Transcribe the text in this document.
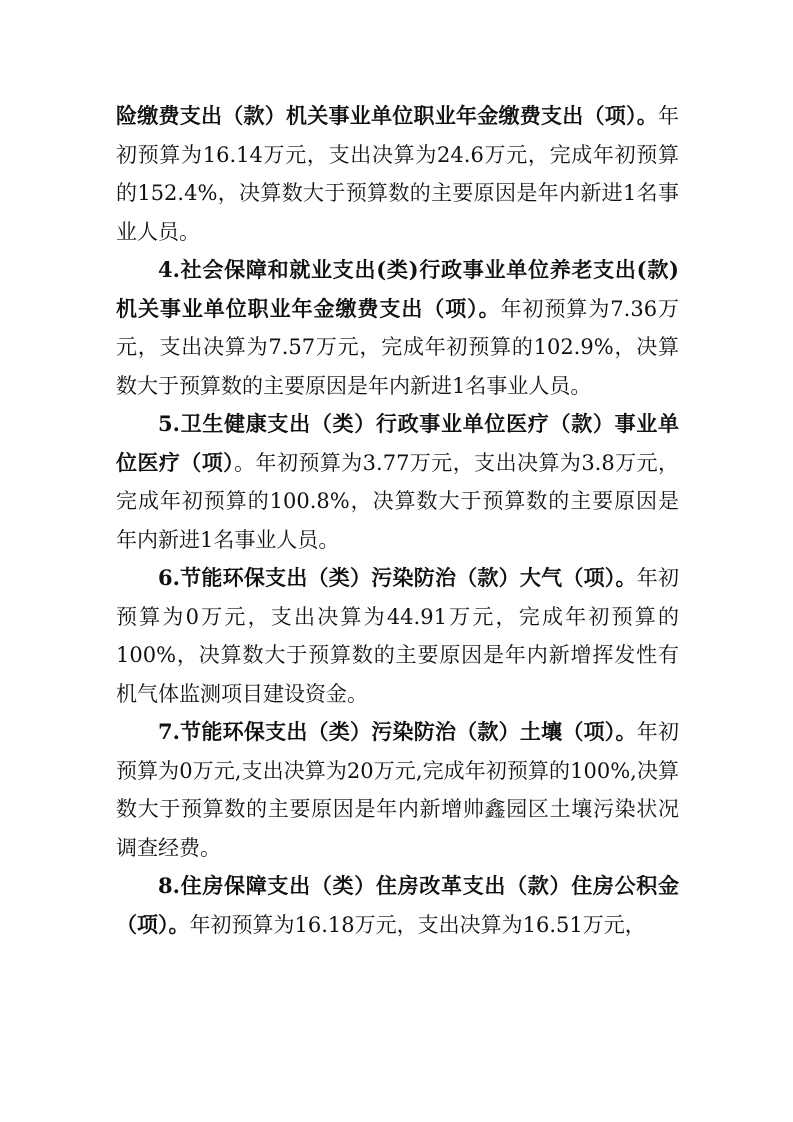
险缴费支出（款）机关事业单位职业年金缴费支出（项）。年初预算为16.14万元，支出决算为24.6万元，完成年初预算的152.4%，决算数大于预算数的主要原因是年内新进1名事业人员。

4.社会保障和就业支出(类)行政事业单位养老支出(款)机关事业单位职业年金缴费支出（项）。年初预算为7.36万元，支出决算为7.57万元，完成年初预算的102.9%，决算数大于预算数的主要原因是年内新进1名事业人员。

5.卫生健康支出（类）行政事业单位医疗（款）事业单位医疗（项）。年初预算为3.77万元，支出决算为3.8万元，完成年初预算的100.8%，决算数大于预算数的主要原因是年内新进1名事业人员。

6.节能环保支出（类）污染防治（款）大气（项）。年初预算为0万元，支出决算为44.91万元，完成年初预算的100%，决算数大于预算数的主要原因是年内新增挥发性有机气体监测项目建设资金。

7.节能环保支出（类）污染防治（款）土壤（项）。年初预算为0万元,支出决算为20万元,完成年初预算的100%,决算数大于预算数的主要原因是年内新增帅鑫园区土壤污染状况调查经费。

8.住房保障支出（类）住房改革支出（款）住房公积金（项）。年初预算为16.18万元，支出决算为16.51万元，
